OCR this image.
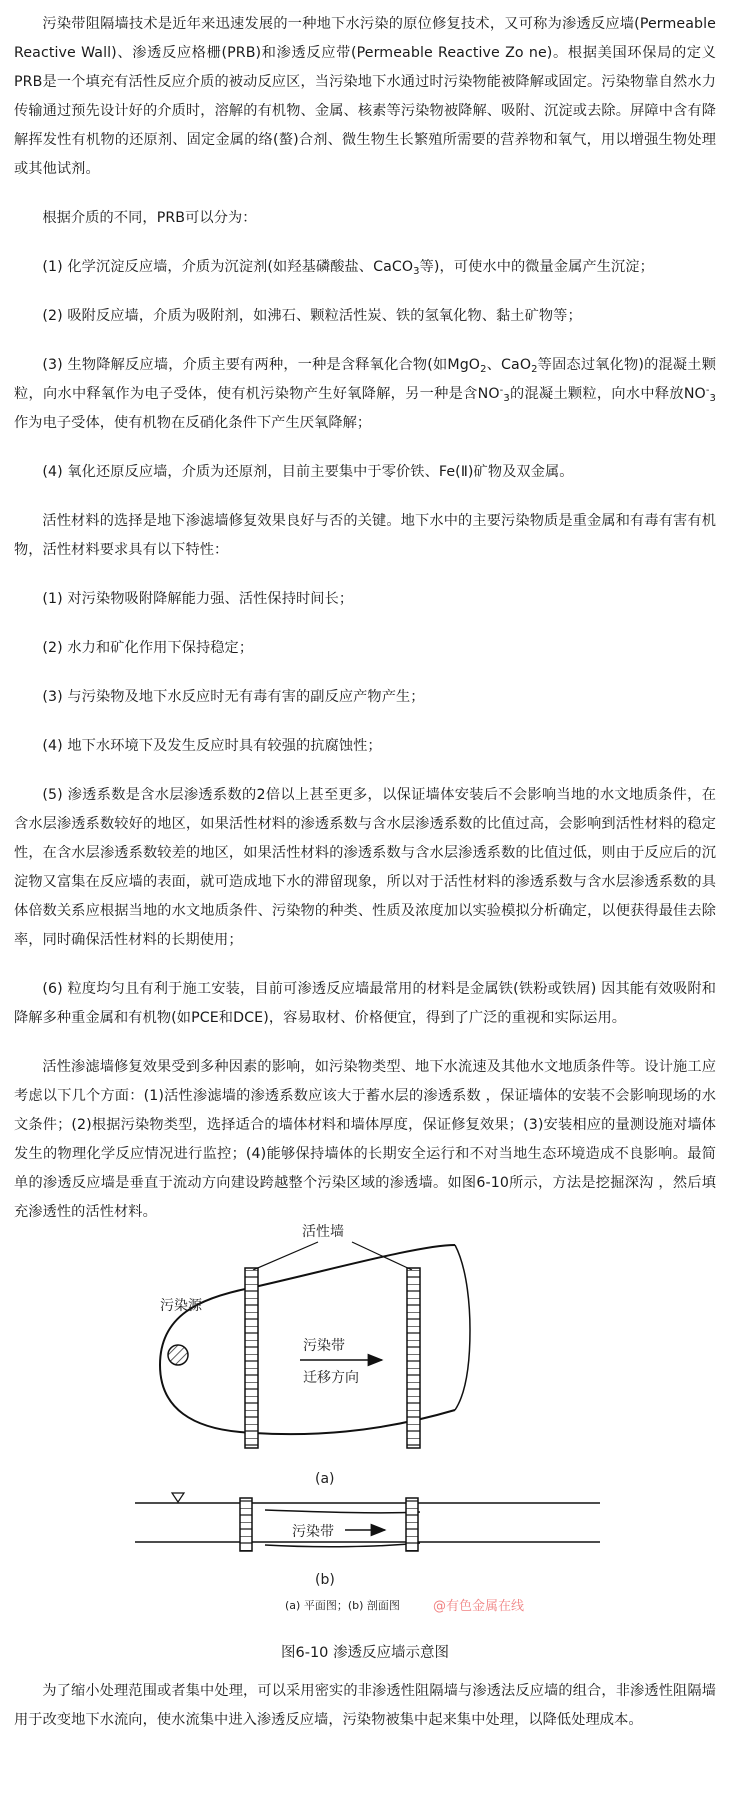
污染带阻隔墙技术是近年来迅速发展的一种地下水污染的原位修复技术，又可称为渗透反应墙(Permeable Reactive Wall)、渗透反应格栅(PRB)和渗透反应带(Permeable Reactive Zo ne)。根据美国环保局的定义PRB是一个填充有活性反应介质的被动反应区，当污染地下水通过时污染物能被降解或固定。污染物靠自然水力传输通过预先设计好的介质时，溶解的有机物、金属、核素等污染物被降解、吸附、沉淀或去除。屏障中含有降解挥发性有机物的还原剂、固定金属的络(螯)合剂、微生物生长繁殖所需要的营养物和氧气，用以增强生物处理或其他试剂。

根据介质的不同，PRB可以分为：

(1) 化学沉淀反应墙，介质为沉淀剂(如羟基磷酸盐、CaCO$_3$等)，可使水中的微量金属产生沉淀；

(2) 吸附反应墙，介质为吸附剂，如沸石、颗粒活性炭、铁的氢氧化物、黏土矿物等；

(3) 生物降解反应墙，介质主要有两种，一种是含释氧化合物(如MgO$_2$、CaO$_2$等固态过氧化物)的混凝土颗粒，向水中释氧作为电子受体，使有机污染物产生好氧降解，另一种是含$NO^-_3$的混凝土颗粒，向水中释放$NO^-_3$作为电子受体，使有机物在反硝化条件下产生厌氧降解；

(4) 氧化还原反应墙，介质为还原剂，目前主要集中于零价铁、Fe(Ⅱ)矿物及双金属。

活性材料的选择是地下渗滤墙修复效果良好与否的关键。地下水中的主要污染物质是重金属和有毒有害有机物，活性材料要求具有以下特性：

(1) 对污染物吸附降解能力强、活性保持时间长；

(2) 水力和矿化作用下保持稳定；

(3) 与污染物及地下水反应时无有毒有害的副反应产物产生；

(4) 地下水环境下及发生反应时具有较强的抗腐蚀性；

(5) 渗透系数是含水层渗透系数的2倍以上甚至更多，以保证墙体安装后不会影响当地的水文地质条件，在含水层渗透系数较好的地区，如果活性材料的渗透系数与含水层渗透系数的比值过高，会影响到活性材料的稳定性，在含水层渗透系数较差的地区，如果活性材料的渗透系数与含水层渗透系数的比值过低，则由于反应后的沉淀物又富集在反应墙的表面，就可造成地下水的滞留现象，所以对于活性材料的渗透系数与含水层渗透系数的具体倍数关系应根据当地的水文地质条件、污染物的种类、性质及浓度加以实验模拟分析确定，以便获得最佳去除率，同时确保活性材料的长期使用；

(6) 粒度均匀且有利于施工安装，目前可渗透反应墙最常用的材料是金属铁(铁粉或铁屑) 因其能有效吸附和降解多种重金属和有机物(如PCE和DCE)，容易取材、价格便宜，得到了广泛的重视和实际运用。

活性渗滤墙修复效果受到多种因素的影响，如污染物类型、地下水流速及其他水文地质条件等。设计施工应考虑以下几个方面：(1)活性渗滤墙的渗透系数应该大于蓄水层的渗透系数 ，保证墙体的安装不会影响现场的水文条件；(2)根据污染物类型，选择适合的墙体材料和墙体厚度，保证修复效果；(3)安装相应的量测设施对墙体发生的物理化学反应情况进行监控；(4)能够保持墙体的长期安全运行和不对当地生态环境造成不良影响。最简单的渗透反应墙是垂直于流动方向建设跨越整个污染区域的渗透墙。如图6-10所示，方法是挖掘深沟 ，然后填充渗透性的活性材料。

污染源
活性墙
污染带
迁移方向
(a)
污染带
(b)
(a) 平面图；(b) 剖面图	@有色金属在线
图6-10 渗透反应墙示意图

为了缩小处理范围或者集中处理，可以采用密实的非渗透性阻隔墙与渗透法反应墙的组合，非渗透性阻隔墙用于改变地下水流向，使水流集中进入渗透反应墙，污染物被集中起来集中处理，以降低处理成本。
